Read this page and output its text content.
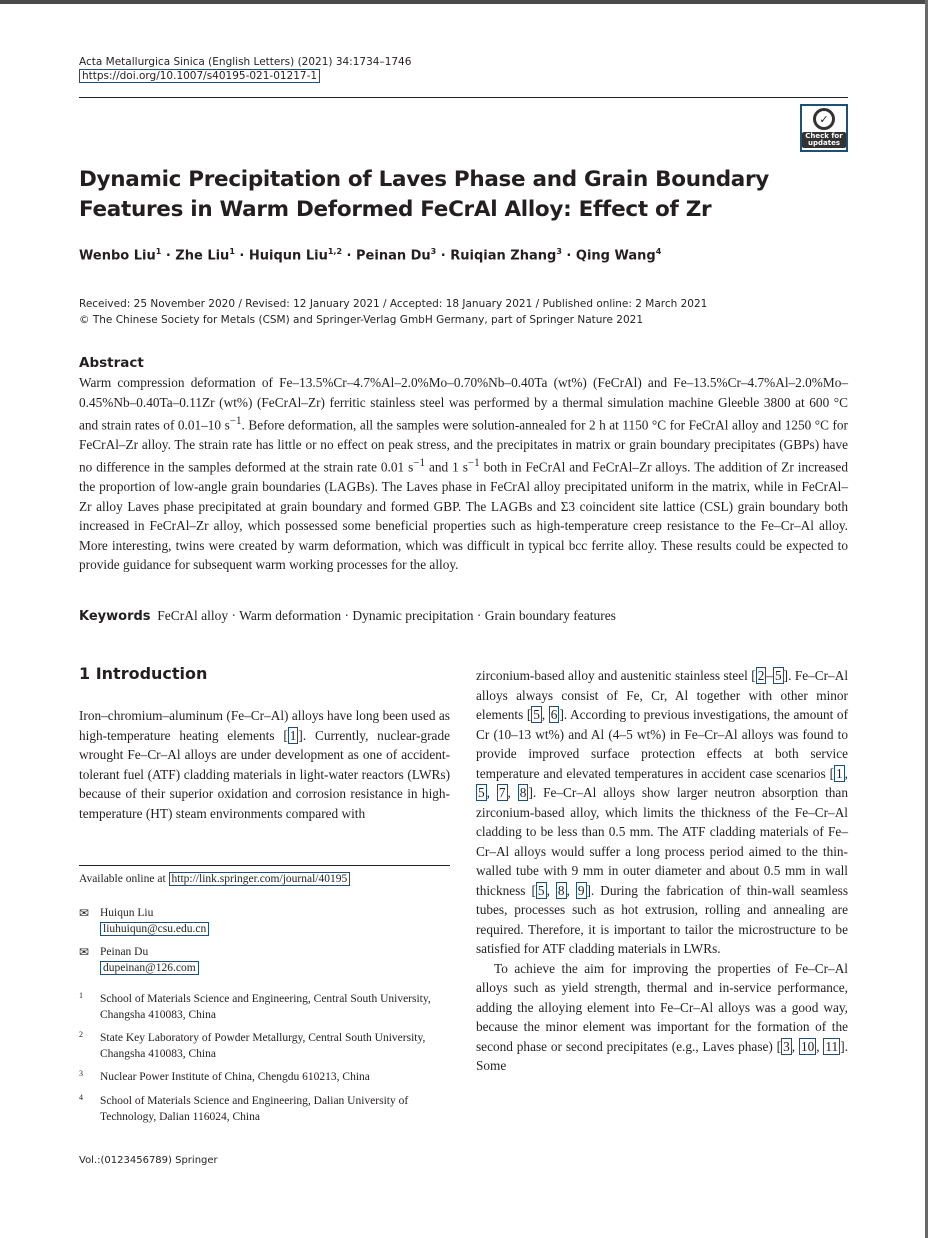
Acta Metallurgica Sinica (English Letters) (2021) 34:1734–1746
https://doi.org/10.1007/s40195-021-01217-1
✓
Check for updates
Dynamic Precipitation of Laves Phase and Grain Boundary Features in Warm Deformed FeCrAl Alloy: Effect of Zr
Wenbo Liu$^1$ · Zhe Liu$^1$ · Huiqun Liu$^{1,2}$ · Peinan $Du^3$ · Ruiqian Zhang$^3$ · Qing Wang$^4$
Received: 25 November 2020 / Revised: 12 January 2021 / Accepted: 18 January 2021 / Published online: 2 March 2021
© The Chinese Society for Metals (CSM) and Springer-Verlag GmbH Germany, part of Springer Nature 2021
Abstract
Warm compression deformation of Fe–13.5%Cr–4.7%Al–2.0%Mo–0.70%Nb–0.40Ta (wt%) (FeCrAl) and Fe–13.5%Cr–4.7%Al–2.0%Mo–0.45%Nb–0.40Ta–0.11Zr (wt%) (FeCrAl–Zr) ferritic stainless steel was performed by a thermal simulation machine Gleeble 3800 at 600 °C and strain rates of 0.01–10 $s^{-1}$. Before deformation, all the samples were solution-annealed for 2 h at 1150 °C for FeCrAl alloy and 1250 °C for FeCrAl–Zr alloy. The strain rate has little or no effect on peak stress, and the precipitates in matrix or grain boundary precipitates (GBPs) have no difference in the samples deformed at the strain rate 0.01 $s^{-1}$ and 1 $s^{-1}$ both in FeCrAl and FeCrAl–Zr alloys. The addition of Zr increased the proportion of low-angle grain boundaries (LAGBs). The Laves phase in FeCrAl alloy precipitated uniform in the matrix, while in FeCrAl–Zr alloy Laves phase precipitated at grain boundary and formed GBP. The LAGBs and Σ3 coincident site lattice (CSL) grain boundary both increased in FeCrAl–Zr alloy, which possessed some beneficial properties such as high-temperature creep resistance to the Fe–Cr–Al alloy. More interesting, twins were created by warm deformation, which was difficult in typical bcc ferrite alloy. These results could be expected to provide guidance for subsequent warm working processes for the alloy.
Keywords FeCrAl alloy · Warm deformation · Dynamic precipitation · Grain boundary features
1 Introduction

Iron–chromium–aluminum (Fe–Cr–Al) alloys have long been used as high-temperature heating elements [ 1 ]. Currently, nuclear-grade wrought Fe–Cr–Al alloys are under development as one of accident-tolerant fuel (ATF) cladding materials in light-water reactors (LWRs) because of their superior oxidation and corrosion resistance in high-temperature (HT) steam environments compared with

zirconium-based alloy and austenitic stainless steel [ 2 – 5 ]. Fe–Cr–Al alloys always consist of Fe, Cr, Al together with other minor elements [ 5 , 6 ]. According to previous investigations, the amount of Cr (10–13 wt%) and Al (4–5 wt%) in Fe–Cr–Al alloys was found to provide improved surface protection effects at both service temperature and elevated temperatures in accident case scenarios [ 1 , 5 , 7 , 8 ]. Fe–Cr–Al alloys show larger neutron absorption than zirconium-based alloy, which limits the thickness of the Fe–Cr–Al cladding to be less than 0.5 mm. The ATF cladding materials of Fe–Cr–Al alloys would suffer a long process period aimed to the thin-walled tube with 9 mm in outer diameter and about 0.5 mm in wall thickness [ 5 , 8 , 9 ]. During the fabrication of thin-wall seamless tubes, processes such as hot extrusion, rolling and annealing are required. Therefore, it is important to tailor the microstructure to be satisfied for ATF cladding materials in LWRs.

To achieve the aim for improving the properties of Fe–Cr–Al alloys such as yield strength, thermal and in-service performance, adding the alloying element into Fe–Cr–Al alloys was a good way, because the minor element was important for the formation of the second phase or second precipitates (e.g., Laves phase) [ 3 , 10 , 11 ]. Some

Available online at http://link.springer.com/journal/40195
✉ Huiqun Liu
liuhuiqun@csu.edu.cn
✉ Peinan Du
dupeinan@126.com
1 School of Materials Science and Engineering, Central South University, Changsha 410083, China
2 State Key Laboratory of Powder Metallurgy, Central South University, Changsha 410083, China
3 Nuclear Power Institute of China, Chengdu 610213, China
4 School of Materials Science and Engineering, Dalian University of Technology, Dalian 116024, China
Vol.:(0123456789) Springer
